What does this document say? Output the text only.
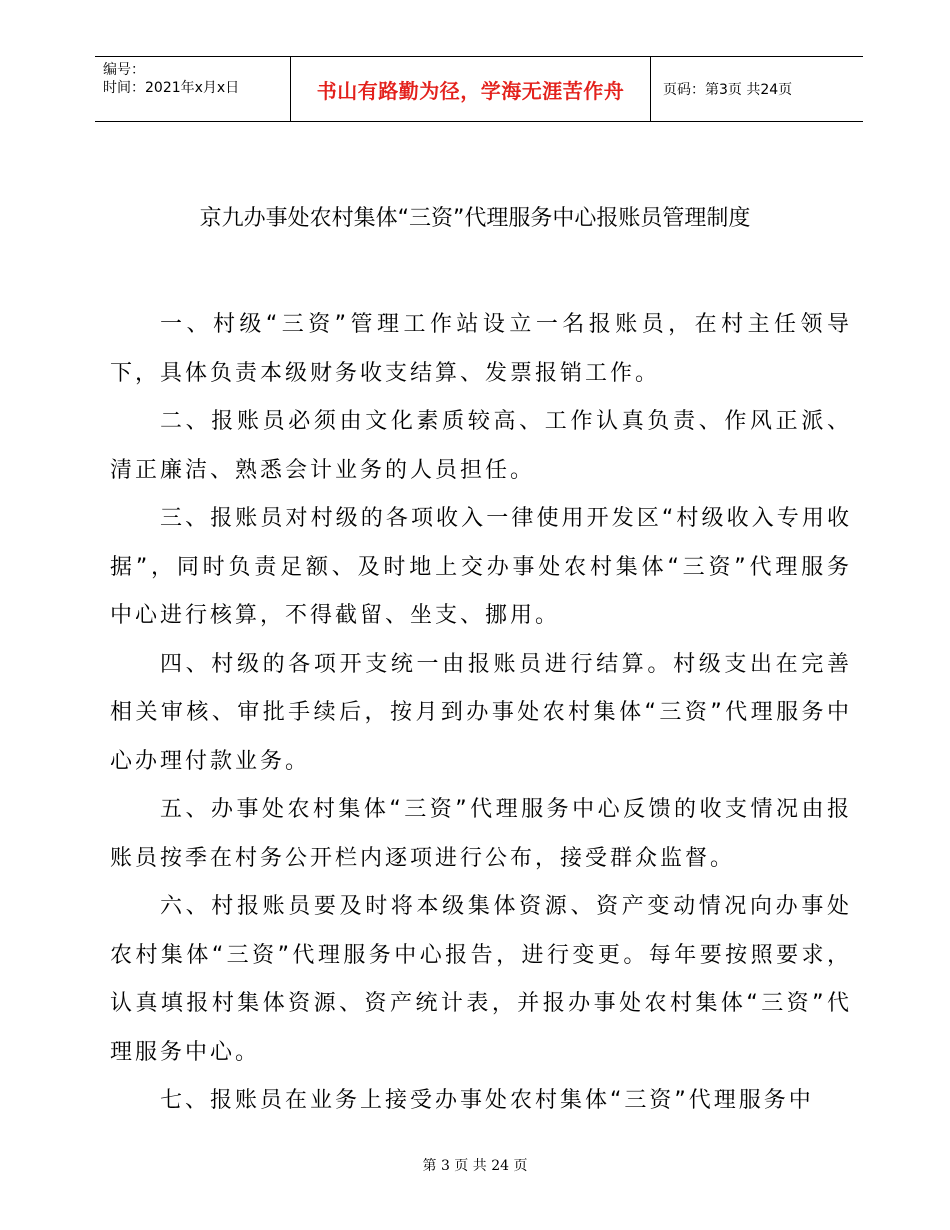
编号：
时间：2021年x月x日	书山有路勤为径，学海无涯苦作舟	页码：第3页 共24页
京九办事处农村集体“三资”代理服务中心报账员管理制度

一、村级“三资”管理工作站设立一名报账员，在村主任领导下，具体负责本级财务收支结算、发票报销工作。

二、报账员必须由文化素质较高、工作认真负责、作风正派、清正廉洁、熟悉会计业务的人员担任。

三、报账员对村级的各项收入一律使用开发区“村级收入专用收据”，同时负责足额、及时地上交办事处农村集体“三资”代理服务中心进行核算，不得截留、坐支、挪用。

四、村级的各项开支统一由报账员进行结算。村级支出在完善相关审核、审批手续后，按月到办事处农村集体“三资”代理服务中心办理付款业务。

五、办事处农村集体“三资”代理服务中心反馈的收支情况由报账员按季在村务公开栏内逐项进行公布，接受群众监督。

六、村报账员要及时将本级集体资源、资产变动情况向办事处农村集体“三资”代理服务中心报告，进行变更。每年要按照要求，认真填报村集体资源、资产统计表，并报办事处农村集体“三资”代理服务中心。

七、报账员在业务上接受办事处农村集体“三资”代理服务中

第 3 页 共 24 页
